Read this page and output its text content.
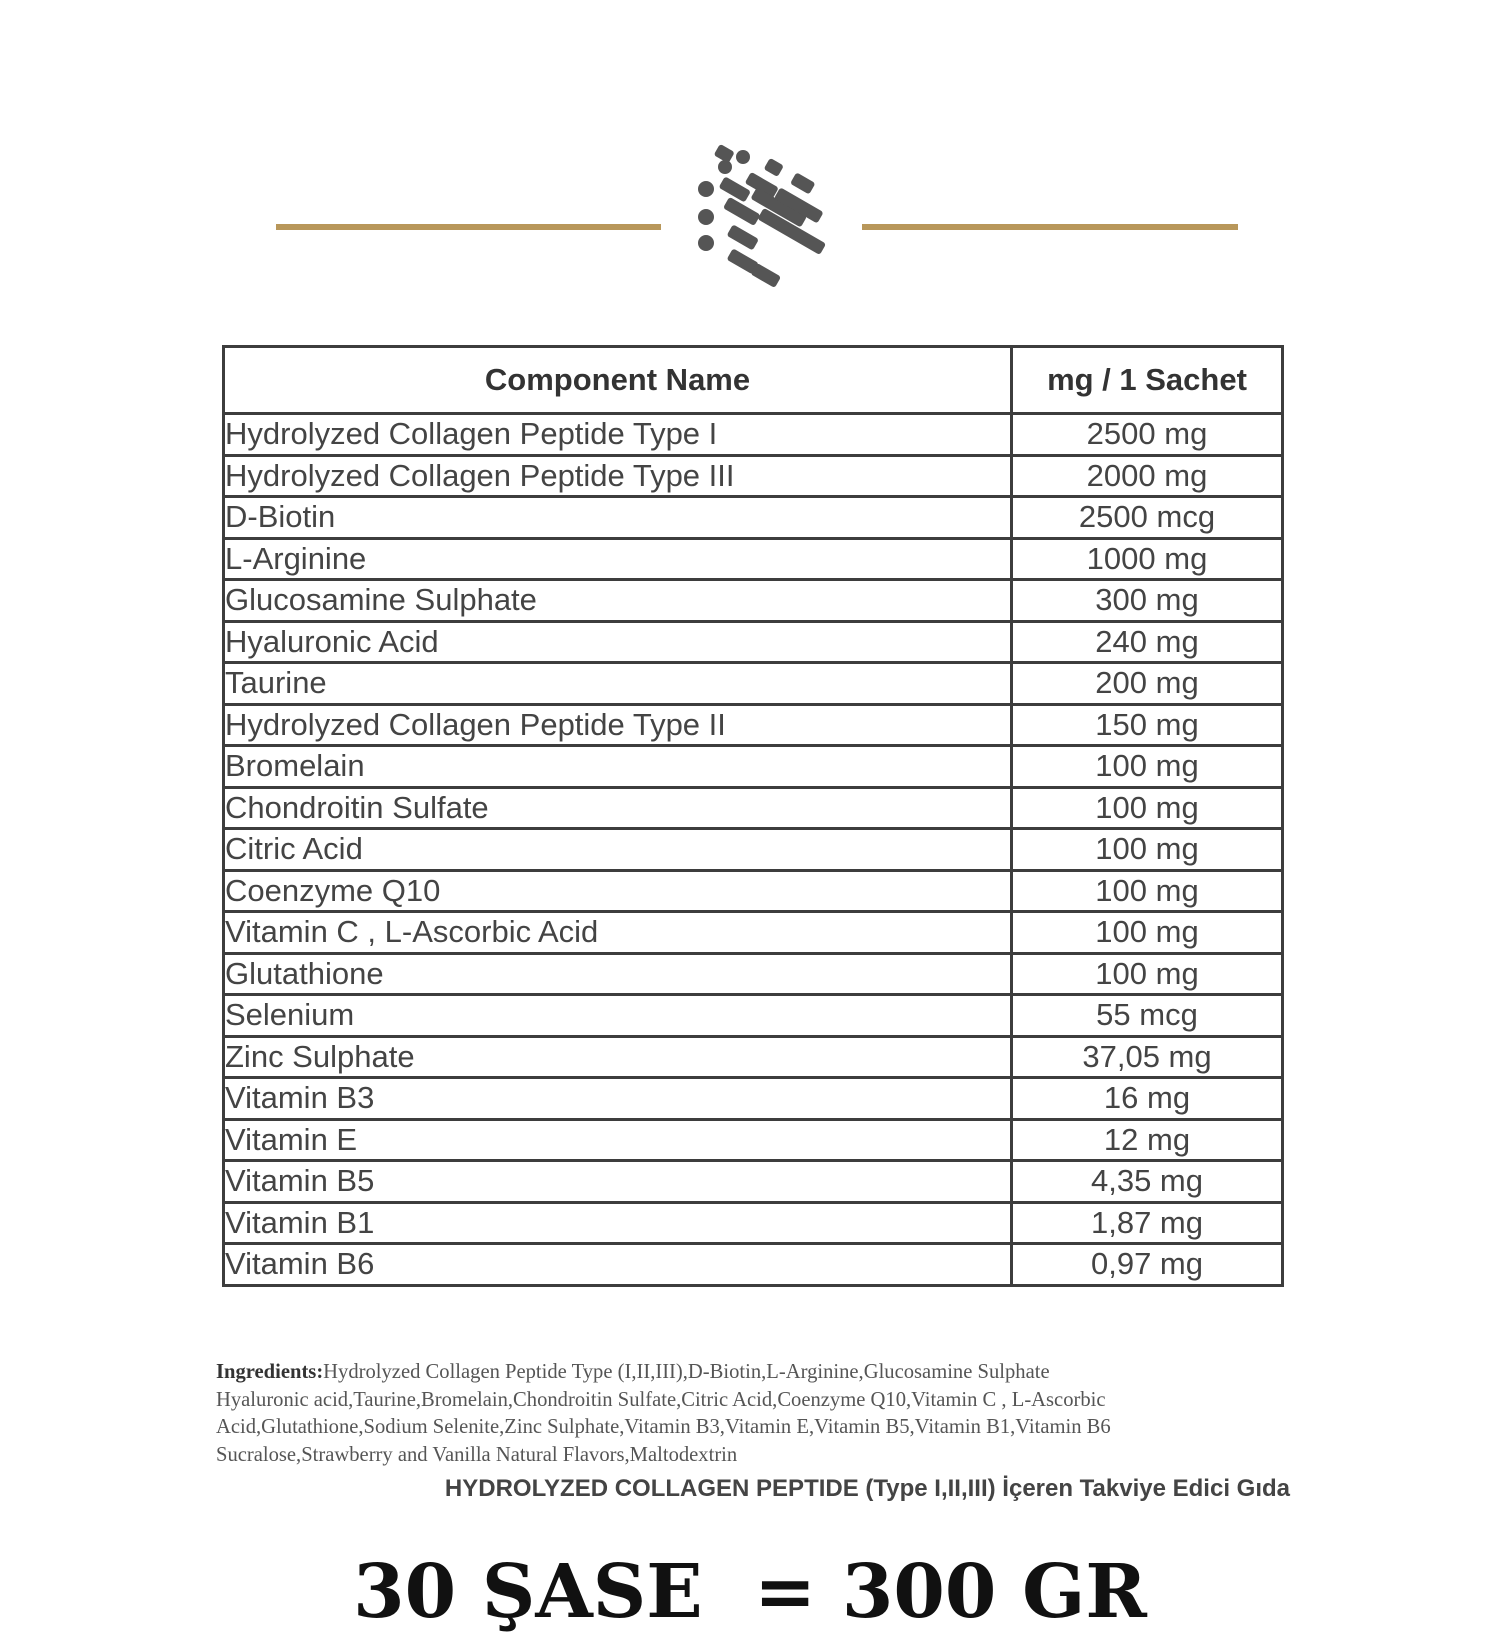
Component Name	mg / 1 Sachet
Hydrolyzed Collagen Peptide Type I	2500 mg
Hydrolyzed Collagen Peptide Type III	2000 mg
D-Biotin	2500 mcg
L-Arginine	1000 mg
Glucosamine Sulphate	300 mg
Hyaluronic Acid	240 mg
Taurine	200 mg
Hydrolyzed Collagen Peptide Type II	150 mg
Bromelain	100 mg
Chondroitin Sulfate	100 mg
Citric Acid	100 mg
Coenzyme Q10	100 mg
Vitamin C , L-Ascorbic Acid	100 mg
Glutathione	100 mg
Selenium	55 mcg
Zinc Sulphate	37,05 mg
Vitamin B3	16 mg
Vitamin E	12 mg
Vitamin B5	4,35 mg
Vitamin B1	1,87 mg
Vitamin B6	0,97 mg
Ingredients:Hydrolyzed Collagen Peptide Type (I,II,III),D-Biotin,L-Arginine,Glucosamine Sulphate
Hyaluronic acid,Taurine,Bromelain,Chondroitin Sulfate,Citric Acid,Coenzyme Q10,Vitamin C , L-Ascorbic
Acid,Glutathione,Sodium Selenite,Zinc Sulphate,Vitamin B3,Vitamin E,Vitamin B5,Vitamin B1,Vitamin B6
Sucralose,Strawberry and Vanilla Natural Flavors,Maltodextrin
HYDROLYZED COLLAGEN PEPTIDE (Type I,II,III) İçeren Takviye Edici Gıda
30 ŞASE  = 300 GR
